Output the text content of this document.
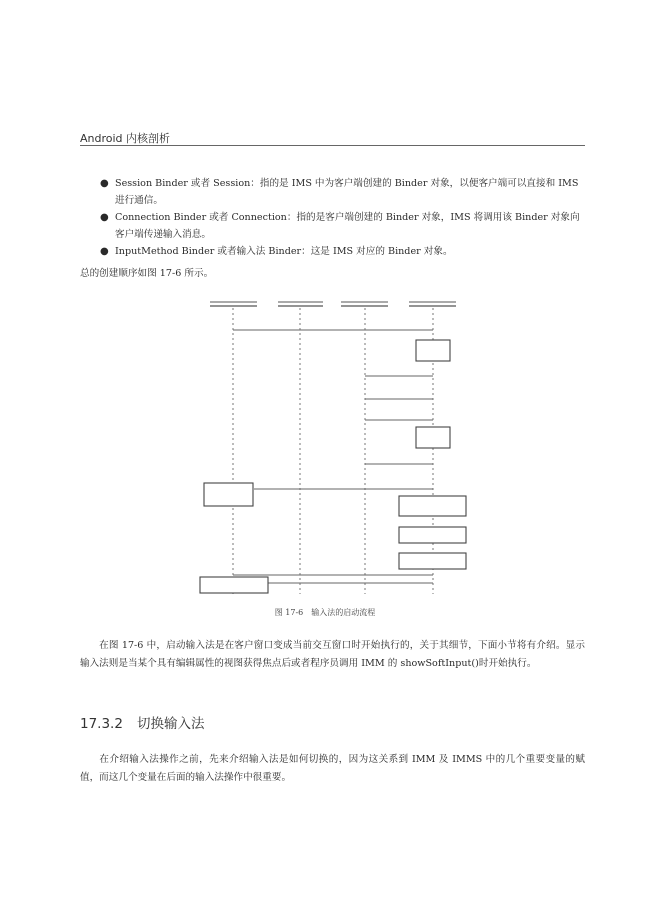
Android 内核剖析
● Session Binder 或者 Session：指的是 IMS 中为客户端创建的 Binder 对象，以便客户端可以直接和 IMS 进行通信。
● Connection Binder 或者 Connection：指的是客户端创建的 Binder 对象，IMS 将调用该 Binder 对象向客户端传递输入消息。
● InputMethod Binder 或者输入法 Binder：这是 IMS 对应的 Binder 对象。
总的创建顺序如图 17-6 所示。
图 17-6　输入法的启动流程
在图 17-6 中，启动输入法是在客户窗口变成当前交互窗口时开始执行的，关于其细节，下面小节将有介绍。显示输入法则是当某个具有编辑属性的视图获得焦点后或者程序员调用 IMM 的 showSoftInput()时开始执行。
17.3.2 切换输入法
在介绍输入法操作之前，先来介绍输入法是如何切换的，因为这关系到 IMM 及 IMMS 中的几个重要变量的赋值，而这几个变量在后面的输入法操作中很重要。
